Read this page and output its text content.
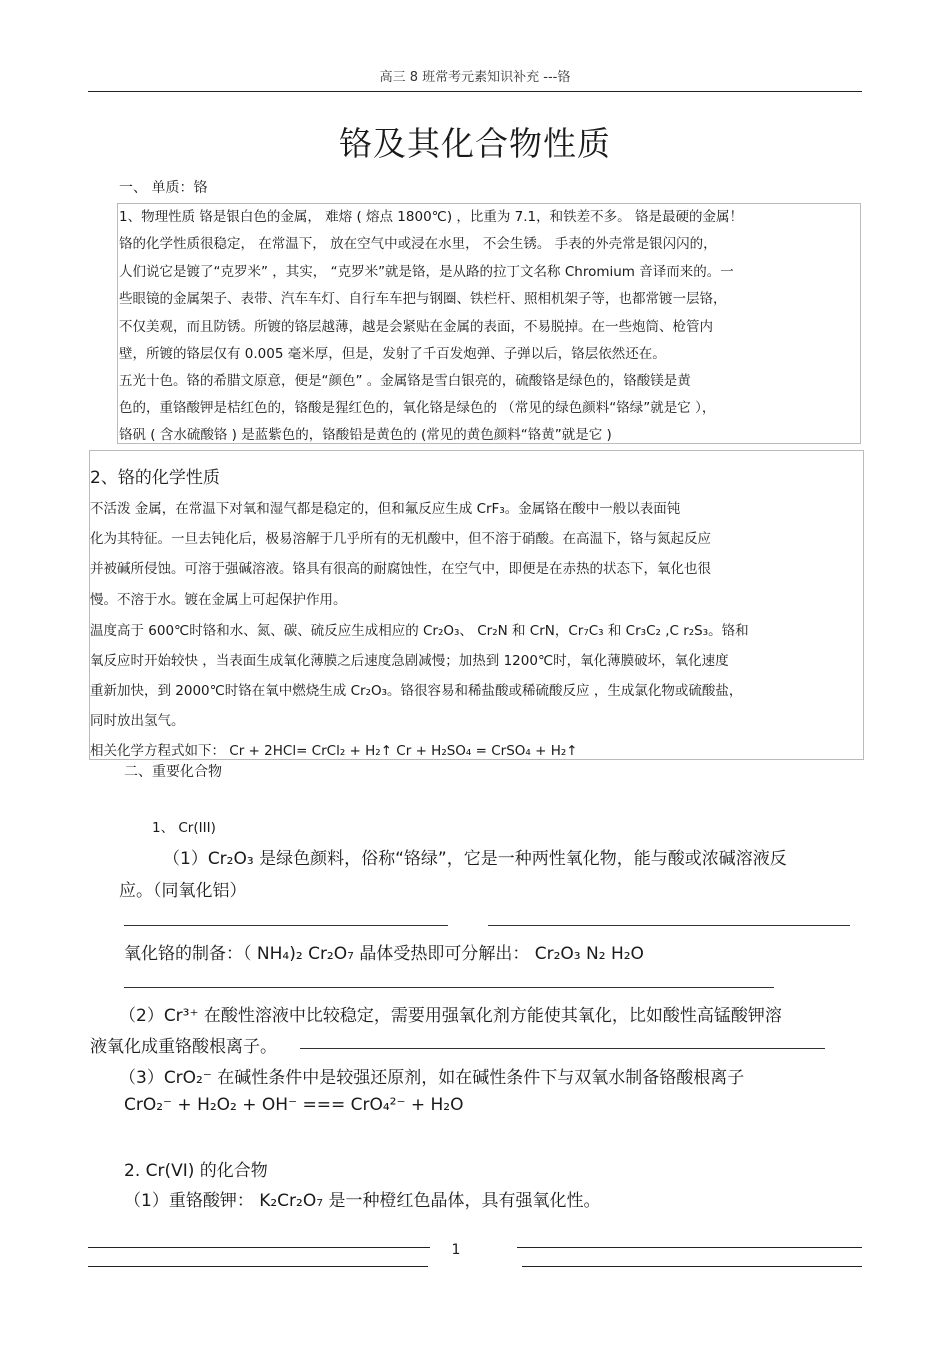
高三 8 班常考元素知识补充 ---铬
铬及其化合物性质
一、 单质：铬
1、物理性质 铬是银白色的金属， 难熔 ( 熔点 1800℃) ，比重为 7.1，和铁差不多。 铬是最硬的金属！
铬的化学性质很稳定， 在常温下， 放在空气中或浸在水里， 不会生锈。 手表的外壳常是银闪闪的，
人们说它是镀了“克罗米” ，其实， “克罗米”就是铬，是从路的拉丁文名称 Chromium 音译而来的。一
些眼镜的金属架子、表带、汽车车灯、自行车车把与钢圈、铁栏杆、照相机架子等，也都常镀一层铬，
不仅美观，而且防锈。所镀的铬层越薄，越是会紧贴在金属的表面，不易脱掉。在一些炮筒、枪管内
壁，所镀的铬层仅有 0.005 毫米厚，但是，发射了千百发炮弹、子弹以后，铬层依然还在。
五光十色。铬的希腊文原意，便是“颜色” 。金属铬是雪白银亮的，硫酸铬是绿色的，铬酸镁是黄
色的，重铬酸钾是桔红色的，铬酸是猩红色的，氧化铬是绿色的 （常见的绿色颜料“铬绿”就是它 ），
铬矾 ( 含水硫酸铬 ) 是蓝紫色的，铬酸铅是黄色的 (常见的黄色颜料“铬黄”就是它 )
2、铬的化学性质
不活泼 金属，在常温下对氧和湿气都是稳定的，但和氟反应生成 CrF₃。金属铬在酸中一般以表面钝
化为其特征。一旦去钝化后，极易溶解于几乎所有的无机酸中，但不溶于硝酸。在高温下，铬与氮起反应
并被碱所侵蚀。可溶于强碱溶液。铬具有很高的耐腐蚀性，在空气中，即便是在赤热的状态下，氧化也很
慢。不溶于水。镀在金属上可起保护作用。
温度高于 600℃时铬和水、氮、碳、硫反应生成相应的 Cr₂O₃、 Cr₂N 和 CrN，Cr₇C₃ 和 Cr₃C₂ ,C r₂S₃。铬和
氧反应时开始较快 ，当表面生成氧化薄膜之后速度急剧减慢；加热到 1200℃时，氧化薄膜破坏，氧化速度
重新加快，到 2000℃时铬在氧中燃烧生成 Cr₂O₃。铬很容易和稀盐酸或稀硫酸反应 ，生成氯化物或硫酸盐，
同时放出氢气。
相关化学方程式如下： Cr + 2HCl= CrCl₂ + H₂↑ Cr + H₂SO₄ = CrSO₄ + H₂↑
二、重要化合物
1、 Cr(III)
（1）Cr₂O₃ 是绿色颜料，俗称“铬绿”，它是一种两性氧化物，能与酸或浓碱溶液反
应。（同氧化铝）
氧化铬的制备：（ NH₄)₂ Cr₂O₇ 晶体受热即可分解出： Cr₂O₃ N₂ H₂O
（2）Cr³⁺ 在酸性溶液中比较稳定，需要用强氧化剂方能使其氧化，比如酸性高锰酸钾溶
液氧化成重铬酸根离子。
（3）CrO₂⁻ 在碱性条件中是较强还原剂，如在碱性条件下与双氧水制备铬酸根离子
CrO₂⁻ + H₂O₂ + OH⁻ === CrO₄²⁻ + H₂O
2. Cr(VI) 的化合物
（1）重铬酸钾： K₂Cr₂O₇ 是一种橙红色晶体，具有强氧化性。
1
